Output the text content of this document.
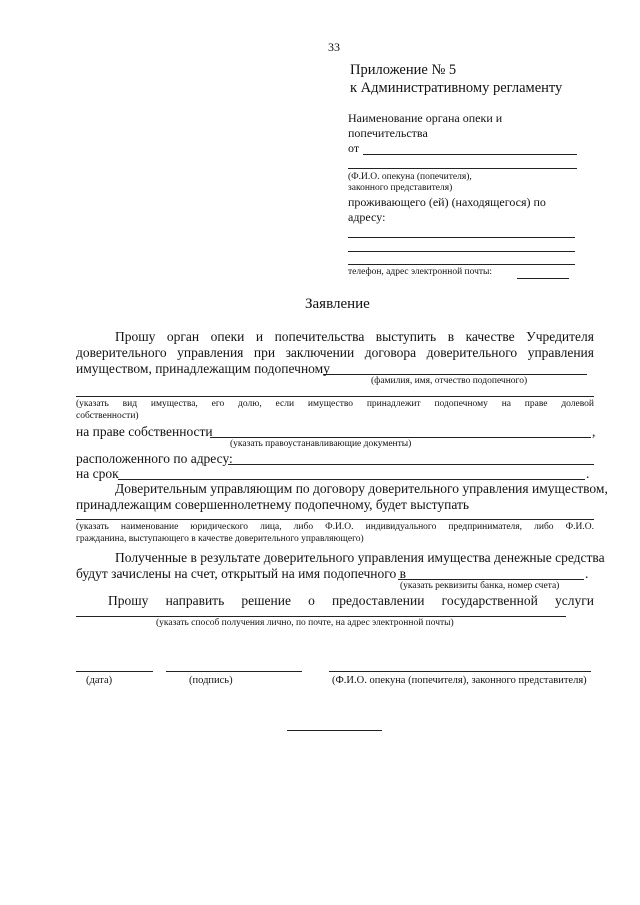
33
Приложение № 5
к Административному регламенту
Наименование органа опеки и
попечительства
от
(Ф.И.О. опекуна (попечителя),
законного представителя)
проживающего (ей) (находящегося) по
адресу:
телефон, адрес электронной почты:
Заявление
Прошу орган опеки и попечительства выступить в качестве Учредителя
доверительного управления при заключении договора доверительного управления
имуществом, принадлежащим подопечному
(фамилия, имя, отчество подопечного)
(указать вид имущества, его долю, если имущество принадлежит подопечному на праве долевой
собственности)
на праве собственности	,
(указать правоустанавливающие документы)
расположенного по адресу:
на срок	.
Доверительным управляющим по договору доверительного управления имуществом,
принадлежащим совершеннолетнему подопечному, будет выступать
(указать наименование юридического лица, либо Ф.И.О. индивидуального предпринимателя, либо Ф.И.О.
гражданина, выступающего в качестве доверительного управляющего)
Полученные в результате доверительного управления имущества денежные средства
будут зачислены на счет, открытый на имя подопечного в	.
(указать реквизиты банка, номер счета)
Прошу направить решение о предоставлении государственной услуги
(указать способ получения лично, по почте, на адрес электронной почты)
(дата)	(подпись)	(Ф.И.О. опекуна (попечителя), законного представителя)
